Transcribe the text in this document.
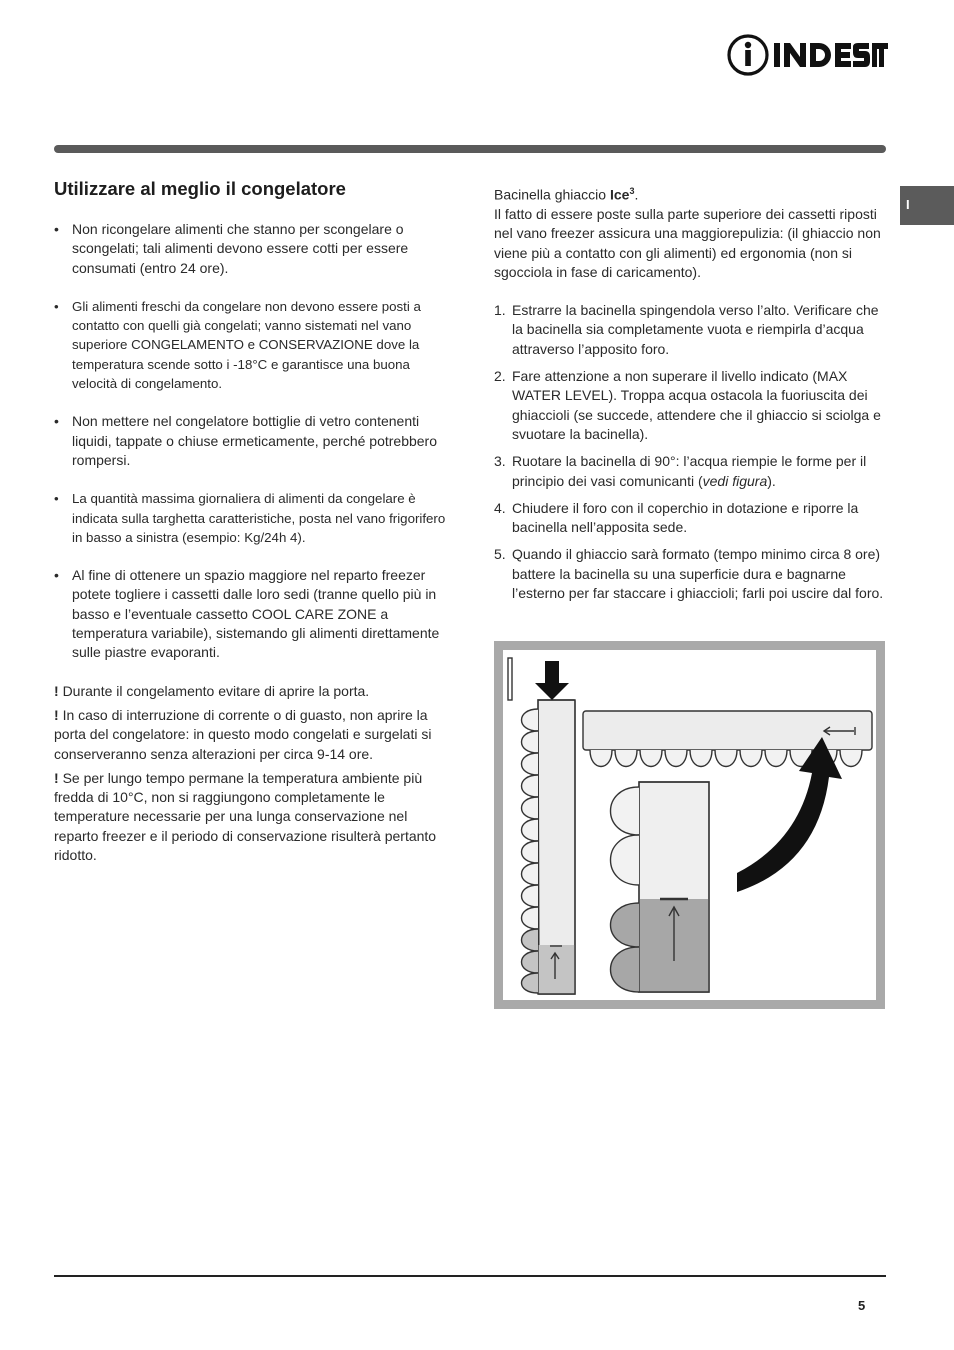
I
Utilizzare al meglio il congelatore
• Non ricongelare alimenti che stanno per scongelare o scongelati; tali alimenti devono essere cotti per essere consumati (entro 24 ore).
• Gli alimenti freschi da congelare non devono essere posti a contatto con quelli già congelati; vanno sistemati nel vano superiore CONGELAMENTO e CONSERVAZIONE dove la temperatura scende sotto i -18°C e garantisce una buona velocità di congelamento.
• Non mettere nel congelatore bottiglie di vetro contenenti liquidi, tappate o chiuse ermeticamente, perché potrebbero rompersi.
• La quantità massima giornaliera di alimenti da congelare è indicata sulla targhetta caratteristiche, posta nel vano frigorifero in basso a sinistra (esempio: Kg/24h 4).
• Al fine di ottenere un spazio maggiore nel reparto freezer potete togliere i cassetti dalle loro sedi (tranne quello più in basso e l’eventuale cassetto COOL CARE ZONE a temperatura variabile), sistemando gli alimenti direttamente sulle piastre evaporanti.

! Durante il congelamento evitare di aprire la porta.

! In caso di interruzione di corrente o di guasto, non aprire la porta del congelatore: in questo modo congelati e surgelati si conserveranno senza alterazioni per circa 9-14 ore.

! Se per lungo tempo permane la temperatura ambiente più fredda di 10°C, non si raggiungono completamente le temperature necessarie per una lunga conservazione nel reparto freezer e il periodo di conservazione risulterà pertanto ridotto.

Bacinella ghiaccio Ice$^3$.
Il fatto di essere poste sulla parte superiore dei cassetti riposti nel vano freezer assicura una maggiorepulizia: (il ghiaccio non viene più a contatto con gli alimenti) ed ergonomia (non si sgocciola in fase di caricamento).

1. Estrarre la bacinella spingendola verso l’alto. Verificare che la bacinella sia completamente vuota e riempirla d’acqua attraverso l’apposito foro.
2. Fare attenzione a non superare il livello indicato (MAX WATER LEVEL). Troppa acqua ostacola la fuoriuscita dei ghiaccioli (se succede, attendere che il ghiaccio si sciolga e svuotare la bacinella).
3. Ruotare la bacinella di 90°: l’acqua riempie le forme per il principio dei vasi comunicanti (vedi figura).
4. Chiudere il foro con il coperchio in dotazione e riporre la bacinella nell’apposita sede.
5. Quando il ghiaccio sarà formato (tempo minimo circa 8 ore) battere la bacinella su una superficie dura e bagnarne l’esterno per far staccare i ghiaccioli; farli poi uscire dal foro.
5
